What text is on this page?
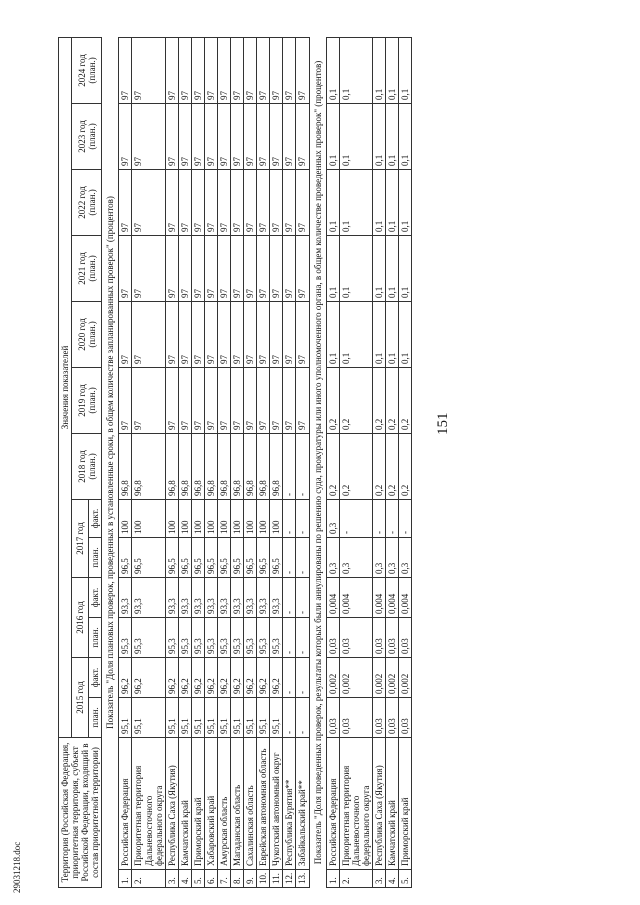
151
Территория (Российская Федерация, приоритетная территория, субъект Российской Федерации, входящий в состав приоритетной территории)		Значения показателей												
		2015 год		2016 год		2017 год		2018 год (план.)	2019 год (план.)	2020 год (план.)	2021 год (план.)	2022 год (план.)	2023 год (план.)	2024 год (план.)
		план.	факт.	план.	факт.	план.	факт.							
Показатель "Доля плановых проверок, проведенных в установленные сроки, в общем количестве запланированных проверок" (процентов)														
1.	Российская Федерация	95,1	96,2	95,3	93,3	96,5	100	96,8	97	97	97	97	97	97
2.	Приоритетная территория Дальневосточного федерального округа	95,1	96,2	95,3	93,3	96,5	100	96,8	97	97	97	97	97	97
3.	Республика Саха (Якутия)	95,1	96,2	95,3	93,3	96,5	100	96,8	97	97	97	97	97	97
4.	Камчатский край	95,1	96,2	95,3	93,3	96,5	100	96,8	97	97	97	97	97	97
5.	Приморский край	95,1	96,2	95,3	93,3	96,5	100	96,8	97	97	97	97	97	97
6.	Хабаровский край	95,1	96,2	95,3	93,3	96,5	100	96,8	97	97	97	97	97	97
7.	Амурская область	95,1	96,2	95,3	93,3	96,5	100	96,8	97	97	97	97	97	97
8.	Магаданская область	95,1	96,2	95,3	93,3	96,5	100	96,8	97	97	97	97	97	97
9.	Сахалинская область	95,1	96,2	95,3	93,3	96,5	100	96,8	97	97	97	97	97	97
10.	Еврейская автономная область	95,1	96,2	95,3	93,3	96,5	100	96,8	97	97	97	97	97	97
11.	Чукотский автономный округ	95,1	96,2	95,3	93,3	96,5	100	96,8	97	97	97	97	97	97
12.	Республика Бурятия**	-	-	-	-	-	-	-	97	97	97	97	97	97
13.	Забайкальский край**	-	-	-	-	-	-	-	97	97	97	97	97	97
Показатель "Доля проведенных проверок, результаты которых были аннулированы по решению суда, прокуратуры или иного уполномоченного органа, в общем количестве проведенных проверок" (процентов)														
1.	Российская Федерация	0,03	0,002	0,03	0,004	0,3	0,3	0,2	0,2	0,1	0,1	0,1	0,1	0,1
2.	Приоритетная территория Дальневосточного федерального округа	0,03	0,002	0,03	0,004	0,3	-	0,2	0,2	0,1	0,1	0,1	0,1	0,1
3.	Республика Саха (Якутия)	0,03	0,002	0,03	0,004	0,3	-	0,2	0,2	0,1	0,1	0,1	0,1	0,1
4.	Камчатский край	0,03	0,002	0,03	0,004	0,3	-	0,2	0,2	0,1	0,1	0,1	0,1	0,1
5.	Приморский край	0,03	0,002	0,03	0,004	0,3	-	0,2	0,2	0,1	0,1	0,1	0,1	0,1
29031218.doc
